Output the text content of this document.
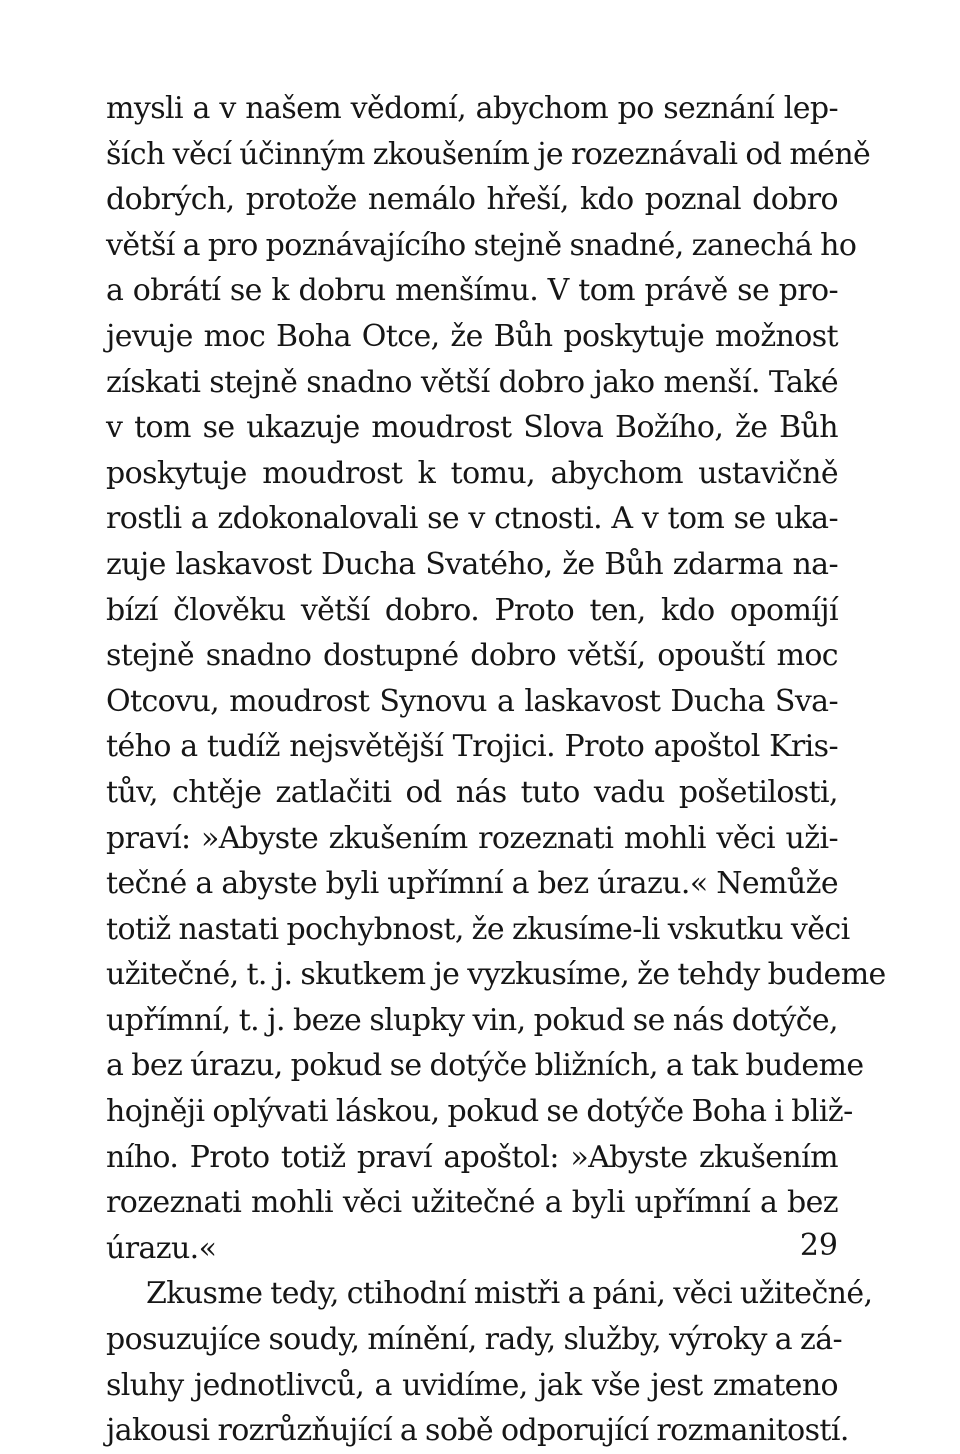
mysli a v našem vědomí, abychom po seznání lep-
ších věcí účinným zkoušením je rozeznávali od méně
dobrých, protože nemálo hřeší, kdo poznal dobro
větší a pro poznávajícího stejně snadné, zanechá ho
a obrátí se k dobru menšímu. V tom právě se pro-
jevuje moc Boha Otce, že Bůh poskytuje možnost
získati stejně snadno větší dobro jako menší. Také
v tom se ukazuje moudrost Slova Božího, že Bůh
poskytuje moudrost k tomu, abychom ustavičně
rostli a zdokonalovali se v ctnosti. A v tom se uka-
zuje laskavost Ducha Svatého, že Bůh zdarma na-
bízí člověku větší dobro. Proto ten, kdo opomíjí
stejně snadno dostupné dobro větší, opouští moc
Otcovu, moudrost Synovu a laskavost Ducha Sva-
tého a tudíž nejsvětější Trojici. Proto apoštol Kris-
tův, chtěje zatlačiti od nás tuto vadu pošetilosti,
praví: »Abyste zkušením rozeznati mohli věci uži-
tečné a abyste byli upřímní a bez úrazu.« Nemůže
totiž nastati pochybnost, že zkusíme-li vskutku věci
užitečné, t. j. skutkem je vyzkusíme, že tehdy budeme
upřímní, t. j. beze slupky vin, pokud se nás dotýče,
a bez úrazu, pokud se dotýče bližních, a tak budeme
hojněji oplývati láskou, pokud se dotýče Boha i bliž-
ního. Proto totiž praví apoštol: »Abyste zkušením
rozeznati mohli věci užitečné a byli upřímní a bez
úrazu.«
Zkusme tedy, ctihodní mistři a páni, věci užitečné,
posuzujíce soudy, mínění, rady, služby, výroky a zá-
sluhy jednotlivců, a uvidíme, jak vše jest zmateno
jakousi rozrůzňující a sobě odporující rozmanitostí.
29
